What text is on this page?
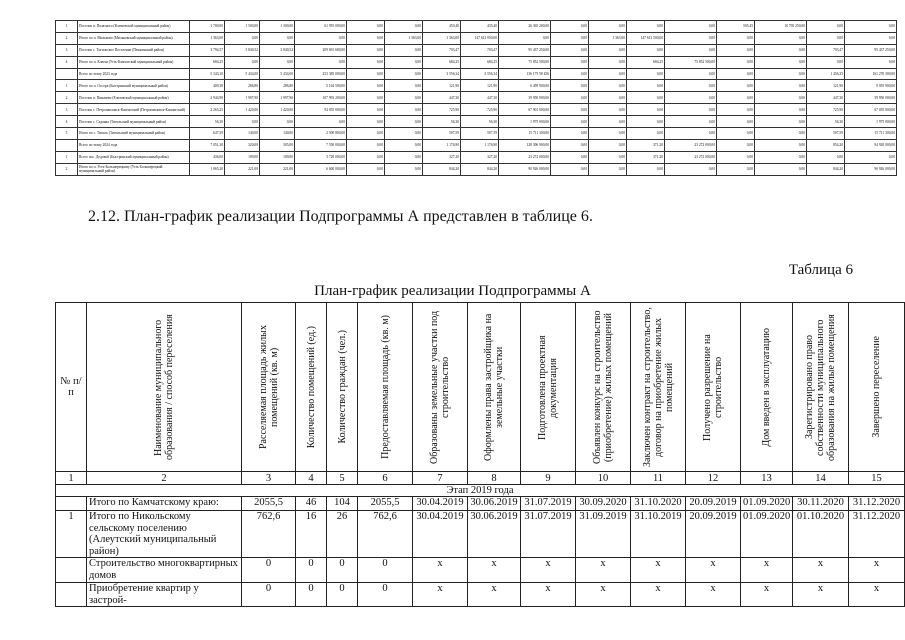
1	Поселок п. Палатного (Ключевской муниципальный район)	1 700,00	1 500,00	1 300,00	61 955 000,00	0,00	0,00	450,40	435,40	26 365 200,00	0,00	0,00	0,00	0,00	505,45	10 705 250,00	0,00	0,00
2	Итого по п. Мильково (Мильковский муниципальный район)	1 363,00	0,00	0,00	0,00	0,00	1 363,00	1 363,00	147 612 050,00	0,00	0,00	1 363,00	147 613 500,00	0,00	0,00	0,00	0,00	0,00
3	Поселок с. Тигильское Поселение (Пенжинский район)	3 794,57	3 840,52	3 840,52	209 691 680,00	0,00	0,00	703,47	703,47	95 437 250,00	0,00	0,00	0,00	0,00	0,00	0,00	703,47	95 437 250,00
4	Итого по п. Ключи (Усть-Камчатский муниципальный район)	684,25	0,00	0,00	0,00	0,00	0,00	684,25	684,25	75 852 500,00	0,00	0,00	684,25	75 852 500,00	0,00	0,00	0,00	0,00
	Всего по этапу 2023 года	5 343,10	5 434,00	5 434,00	253 385 000,00	0,00	0,00	3 556,34	3 556,34	136 175 58 456	0,00	0,00	0,00	0,00	0,00	0,00	1 456,35	161 270 300,00
1	Итого по п. Оссора (Быстринский муниципальный район)	409,38	286,80	286,80	5 164 500,00	0,00	0,00	121,90	121,90	6 459 900,00	0,00	0,00	0,00	0,00	0,00	0,00	121,90	9 055 900,00
2	Поселок п. Пиначево (Елизовский муниципальный район)	2 944,90	1 997,90	1 997,90	107 993 200,00	0,00	0,00	447,30	447,30	39 950 000,00	0,00	0,00	0,00	0,00	0,00	0,00	447,30	39 950 000,00
3	Поселок с. Петропавловск-Камчатский (Петропавловск-Камчатский)	2 265,25	1 420,00	1 420,00	94 055 000,00	0,00	0,00	725,90	725,90	67 901 000,00	0,00	0,00	0,00	0,00	0,00	0,00	725,90	67 055 000,00
4	Поселок с. Седанка (Тигильский муниципальный район)	56,30	0,00	0,00	0,00	0,00	0,00	56,30	56,30	1 975 000,00	0,00	0,00	0,00	0,00	0,00	0,00	56,30	1 975 000,00
5	Итого по с. Тигиль (Тигильский муниципальный район)	647,59	140,00	140,00	2 500 800,00	0,00	0,00	507,59	507,59	15 711 300,00	0,00	0,00	0,00	0,00	0,00	0,00	507,59	15 711 300,00
	Всего по этапу 2024 года	7 051,30	320,00	305,00	7 550 000,00	0,00	0,00	1 176,90	1 176,90	128 396 900,00	0,00	0,00	371,20	23 272 000,00	0,00	0,00	854,20	94 920 000,00
1	Всего пос. Дедовой (Быстринский муниципальный район)	436,00	109,00	109,00	3 720 000,00	0,00	0,00	327,20	327,20	23 272 000,00	0,00	0,00	371,20	23 272 000,00	0,00	0,00	0,00	0,00
2	Итого по п. Усть-Большерецкому (Усть-Большерецкий муниципальный район)	1 065,20	221,00	221,00	6 600 000,00	0,00	0,00	844,20	844,20	90 926 000,00	0,00	0,00	0,00	0,00	0,00	0,00	844,20	90 926 000,00
2.12. План-график реализации Подпрограммы А представлен в таблице 6.
Таблица 6
План-график реализации Подпрограммы А
№ п/п	Наименование муниципального образования / способ переселения	Расселяемая площадь жилых помещений (кв. м)	Количество помещений (ед.)	Количество граждан (чел.)	Предоставляемая площадь (кв. м)	Образованы земельные участки под строительство	Оформлены права застройщика на земельные участки	Подготовлена проектная документация	Объявлен конкурс на строительство (приобретение) жилых помещений	Заключен контракт на строительство, договор на приобретение жилых помещений	Получено разрешение на строительство	Дом введен в эксплуатацию	Зарегистрировано право собственности муниципального образования на жилые помещения	Завершено переселение

1	2	3	4	5	6	7	8	9	10	11	12	13	14	15
Этап 2019 года														
	Итого по Камчатскому краю:	2055,5	46	104	2055,5	30.04.2019	30.06.2019	31.07.2019	30.09.2020	31.10.2020	20.09.2019	01.09.2020	30.11.2020	31.12.2020
1	Итого по Никольскому сельскому поселению (Алеутский муниципальный район)	762,6	16	26	762,6	30.04.2019	30.06.2019	31.07.2019	31.09.2019	31.10.2019	20.09.2019	01.09.2020	01.10.2020	31.12.2020
	Строительство многоквартирных домов	0	0	0	0	x	x	x	x	x	x	x	x	x
	Приобретение квартир у застрой-	0	0	0	0	x	x	x	x	x	x	x	x	x
